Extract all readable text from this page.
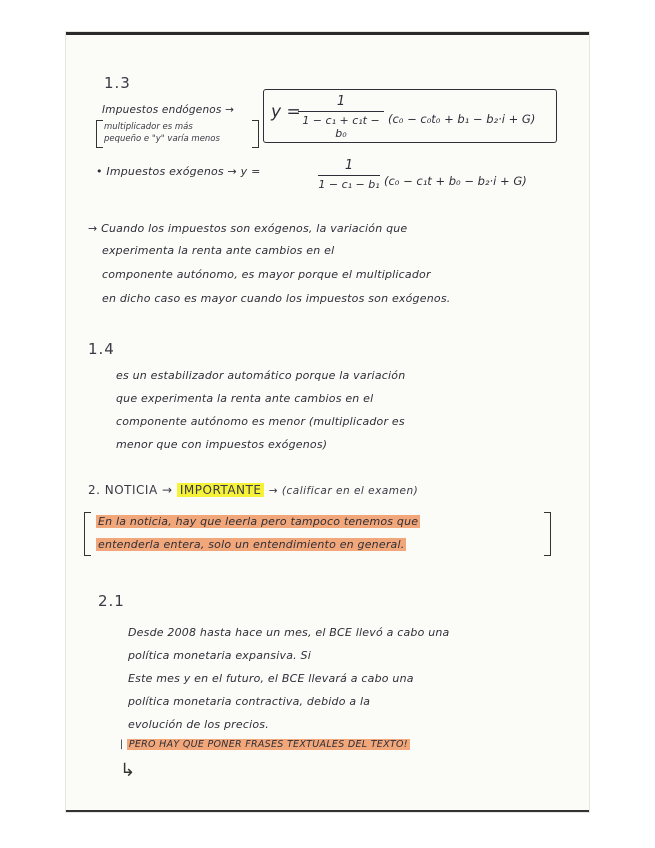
1.3
Impuestos endógenos →
multiplicador es más
pequeño e "y" varía menos
y =
1
1 − c₁ + c₁t − b₀
(c₀ − c₀t₀ + b₁ − b₂·i + G)
• Impuestos exógenos → y =	1
1 − c₁ − b₁ (c₀ − c₁t + b₀ − b₂·i + G)
→ Cuando los impuestos son exógenos, la variación que
experimenta la renta ante cambios en el
componente autónomo, es mayor porque el multiplicador
en dicho caso es mayor cuando los impuestos son exógenos.
1.4
es un estabilizador automático porque la variación
que experimenta la renta ante cambios en el
componente autónomo es menor (multiplicador es
menor que con impuestos exógenos)
2. NOTICIA → IMPORTANTE → (calificar en el examen)
En la noticia, hay que leerla pero tampoco tenemos que
entenderla entera, solo un entendimiento en general.
2.1
Desde 2008 hasta hace un mes, el BCE llevó a cabo una
política monetaria expansiva. Si
Este mes y en el futuro, el BCE llevará a cabo una
política monetaria contractiva, debido a la
evolución de los precios.
| PERO HAY QUE PONER FRASES TEXTUALES DEL TEXTO!
↳
